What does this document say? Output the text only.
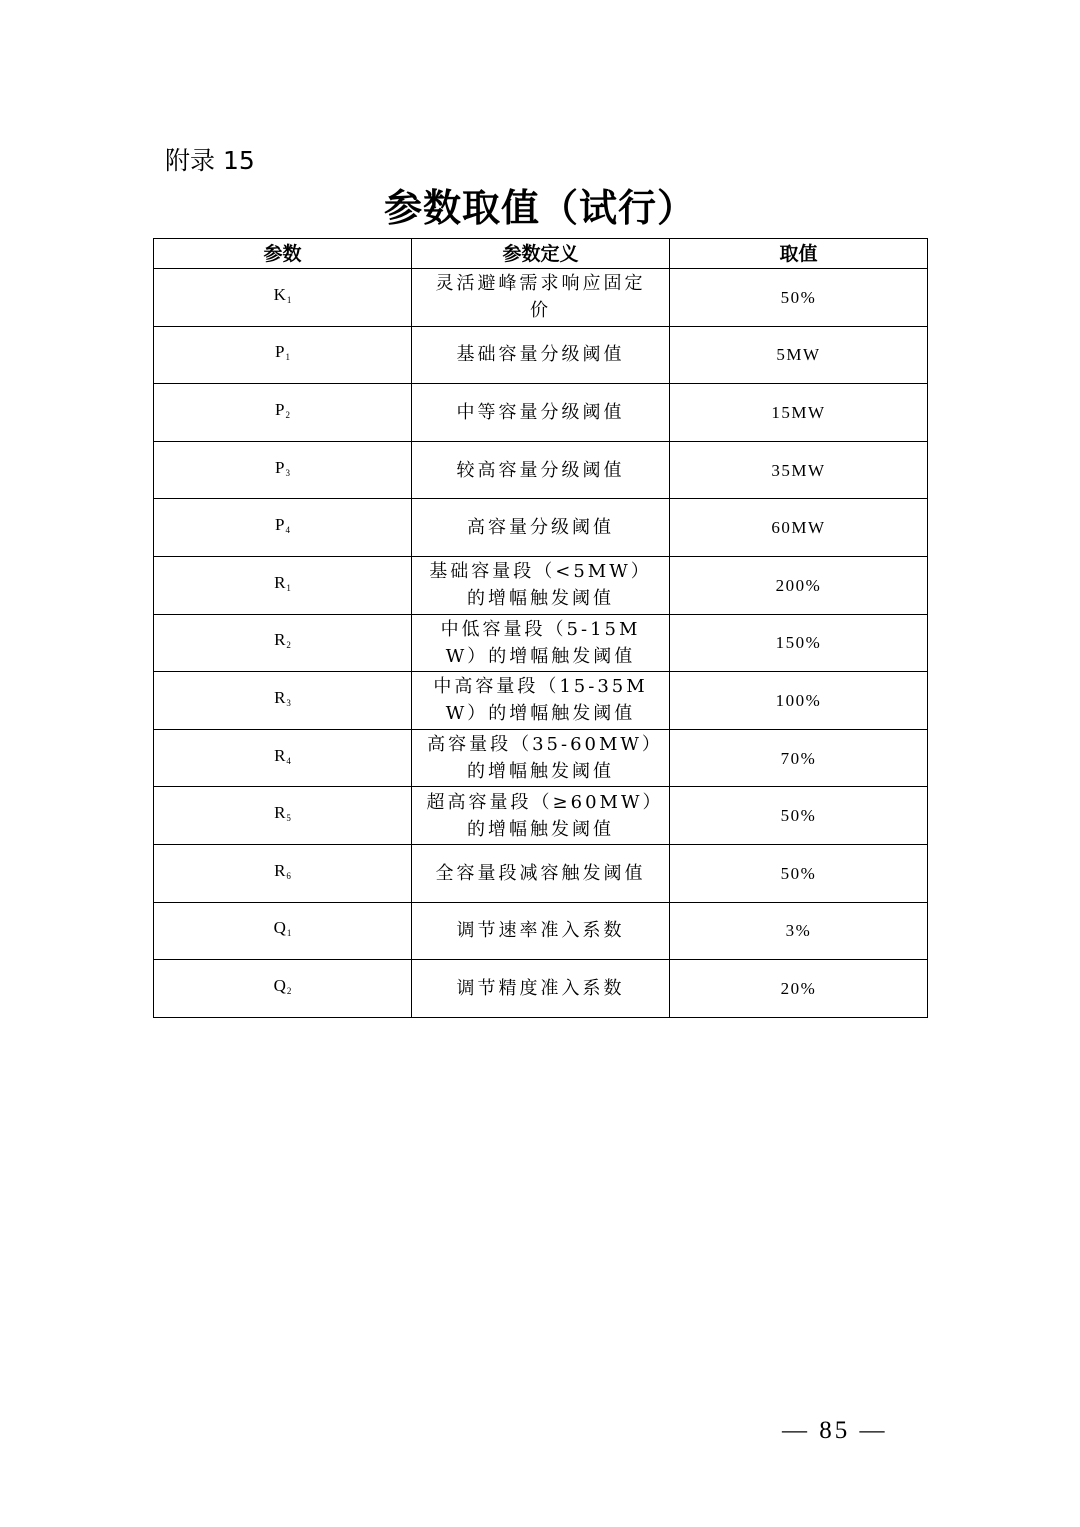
附录 15
参数取值（试行）
参数	参数定义	取值
$K_1$	灵活避峰需求响应固定价	50%
$P_1$	基础容量分级阈值	5MW
$P_2$	中等容量分级阈值	15MW
$P_3$	较高容量分级阈值	35MW
$P_4$	高容量分级阈值	60MW
$R_1$	基础容量段（<5MW）的增幅触发阈值	200%
$R_2$	中低容量段（5-15MW）的增幅触发阈值	150%
$R_3$	中高容量段（15-35MW）的增幅触发阈值	100%
$R_4$	高容量段（35-60MW）的增幅触发阈值	70%
$R_5$	超高容量段（≥60MW）的增幅触发阈值	50%
$R_6$	全容量段减容触发阈值	50%
$Q_1$	调节速率准入系数	3%
$Q_2$	调节精度准入系数	20%
— 85 —
